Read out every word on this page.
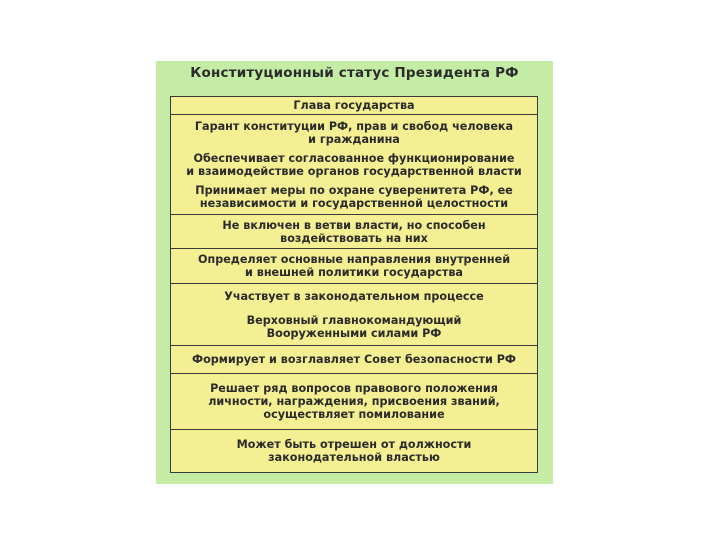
Конституционный статус Президента РФ
Глава государства
Гарант конституции РФ, прав и свобод человека
и гражданина
Обеспечивает согласованное функционирование
и взаимодействие органов государственной власти
Принимает меры по охране суверенитета РФ, ее
независимости и государственной целостности
Не включен в ветви власти, но способен
воздействовать на них
Определяет основные направления внутренней
и внешней политики государства
Участвует в законодательном процессе
Верховный главнокомандующий
Вооруженными силами РФ
Формирует и возглавляет Совет безопасности РФ
Решает ряд вопросов правового положения
личности, награждения, присвоения званий,
осуществляет помилование
Может быть отрешен от должности
законодательной властью
